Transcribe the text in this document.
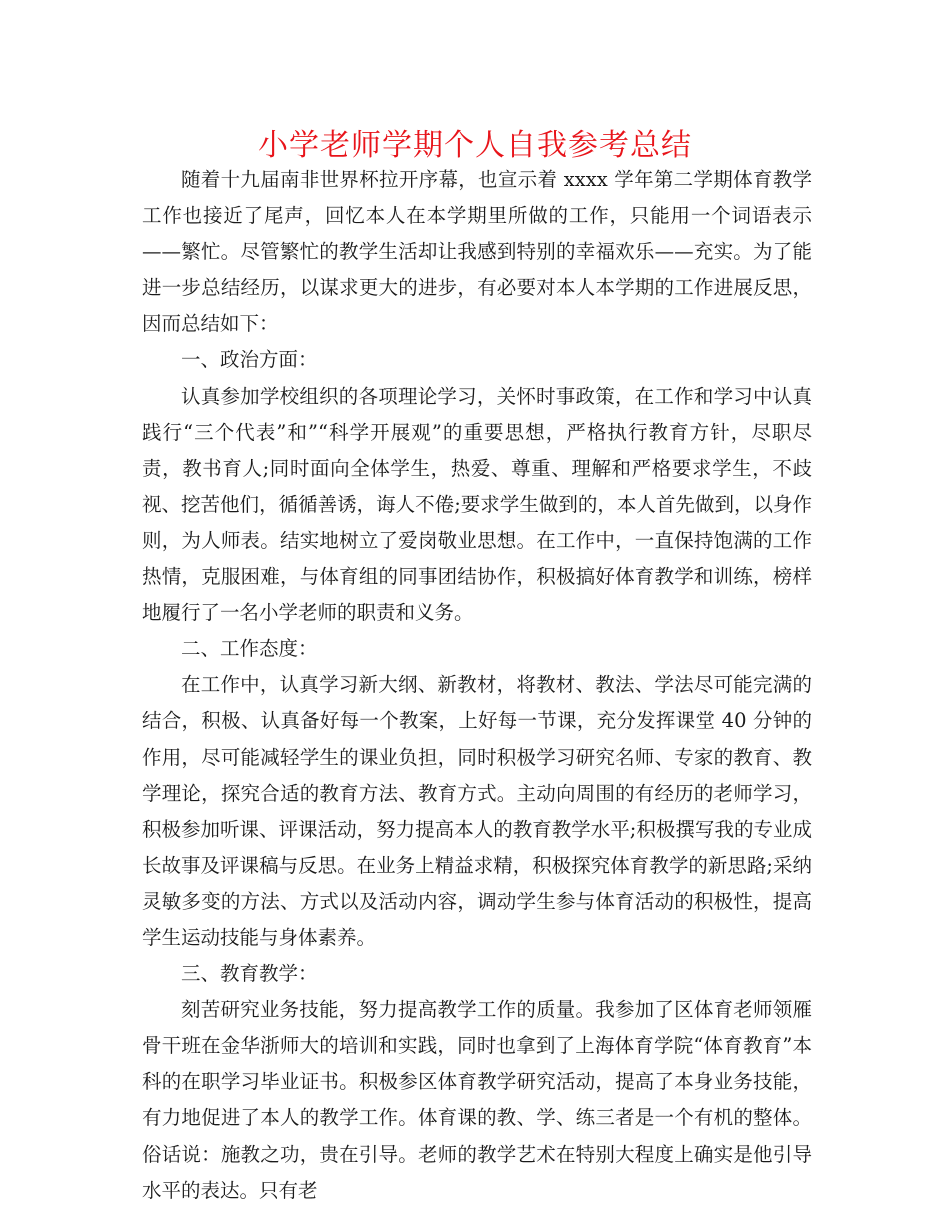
小学老师学期个人自我参考总结

随着十九届南非世界杯拉开序幕，也宣示着 xxxx 学年第二学期体育教学工作也接近了尾声，回忆本人在本学期里所做的工作，只能用一个词语表示——繁忙。尽管繁忙的教学生活却让我感到特别的幸福欢乐——充实。为了能进一步总结经历，以谋求更大的进步，有必要对本人本学期的工作进展反思，因而总结如下：

一、政治方面：

认真参加学校组织的各项理论学习，关怀时事政策，在工作和学习中认真践行“三个代表”和”“科学开展观”的重要思想，严格执行教育方针，尽职尽责，教书育人;同时面向全体学生，热爱、尊重、理解和严格要求学生，不歧视、挖苦他们，循循善诱，诲人不倦;要求学生做到的，本人首先做到，以身作则，为人师表。结实地树立了爱岗敬业思想。在工作中，一直保持饱满的工作热情，克服困难，与体育组的同事团结协作，积极搞好体育教学和训练，榜样地履行了一名小学老师的职责和义务。

二、工作态度：

在工作中，认真学习新大纲、新教材，将教材、教法、学法尽可能完满的结合，积极、认真备好每一个教案，上好每一节课，充分发挥课堂 40 分钟的作用，尽可能减轻学生的课业负担，同时积极学习研究名师、专家的教育、教学理论，探究合适的教育方法、教育方式。主动向周围的有经历的老师学习，积极参加听课、评课活动，努力提高本人的教育教学水平;积极撰写我的专业成长故事及评课稿与反思。在业务上精益求精，积极探究体育教学的新思路;采纳灵敏多变的方法、方式以及活动内容，调动学生参与体育活动的积极性，提高学生运动技能与身体素养。

三、教育教学：

刻苦研究业务技能，努力提高教学工作的质量。我参加了区体育老师领雁骨干班在金华浙师大的培训和实践，同时也拿到了上海体育学院“体育教育”本科的在职学习毕业证书。积极参区体育教学研究活动，提高了本身业务技能，有力地促进了本人的教学工作。体育课的教、学、练三者是一个有机的整体。俗话说：施教之功，贵在引导。老师的教学艺术在特别大程度上确实是他引导水平的表达。只有老
